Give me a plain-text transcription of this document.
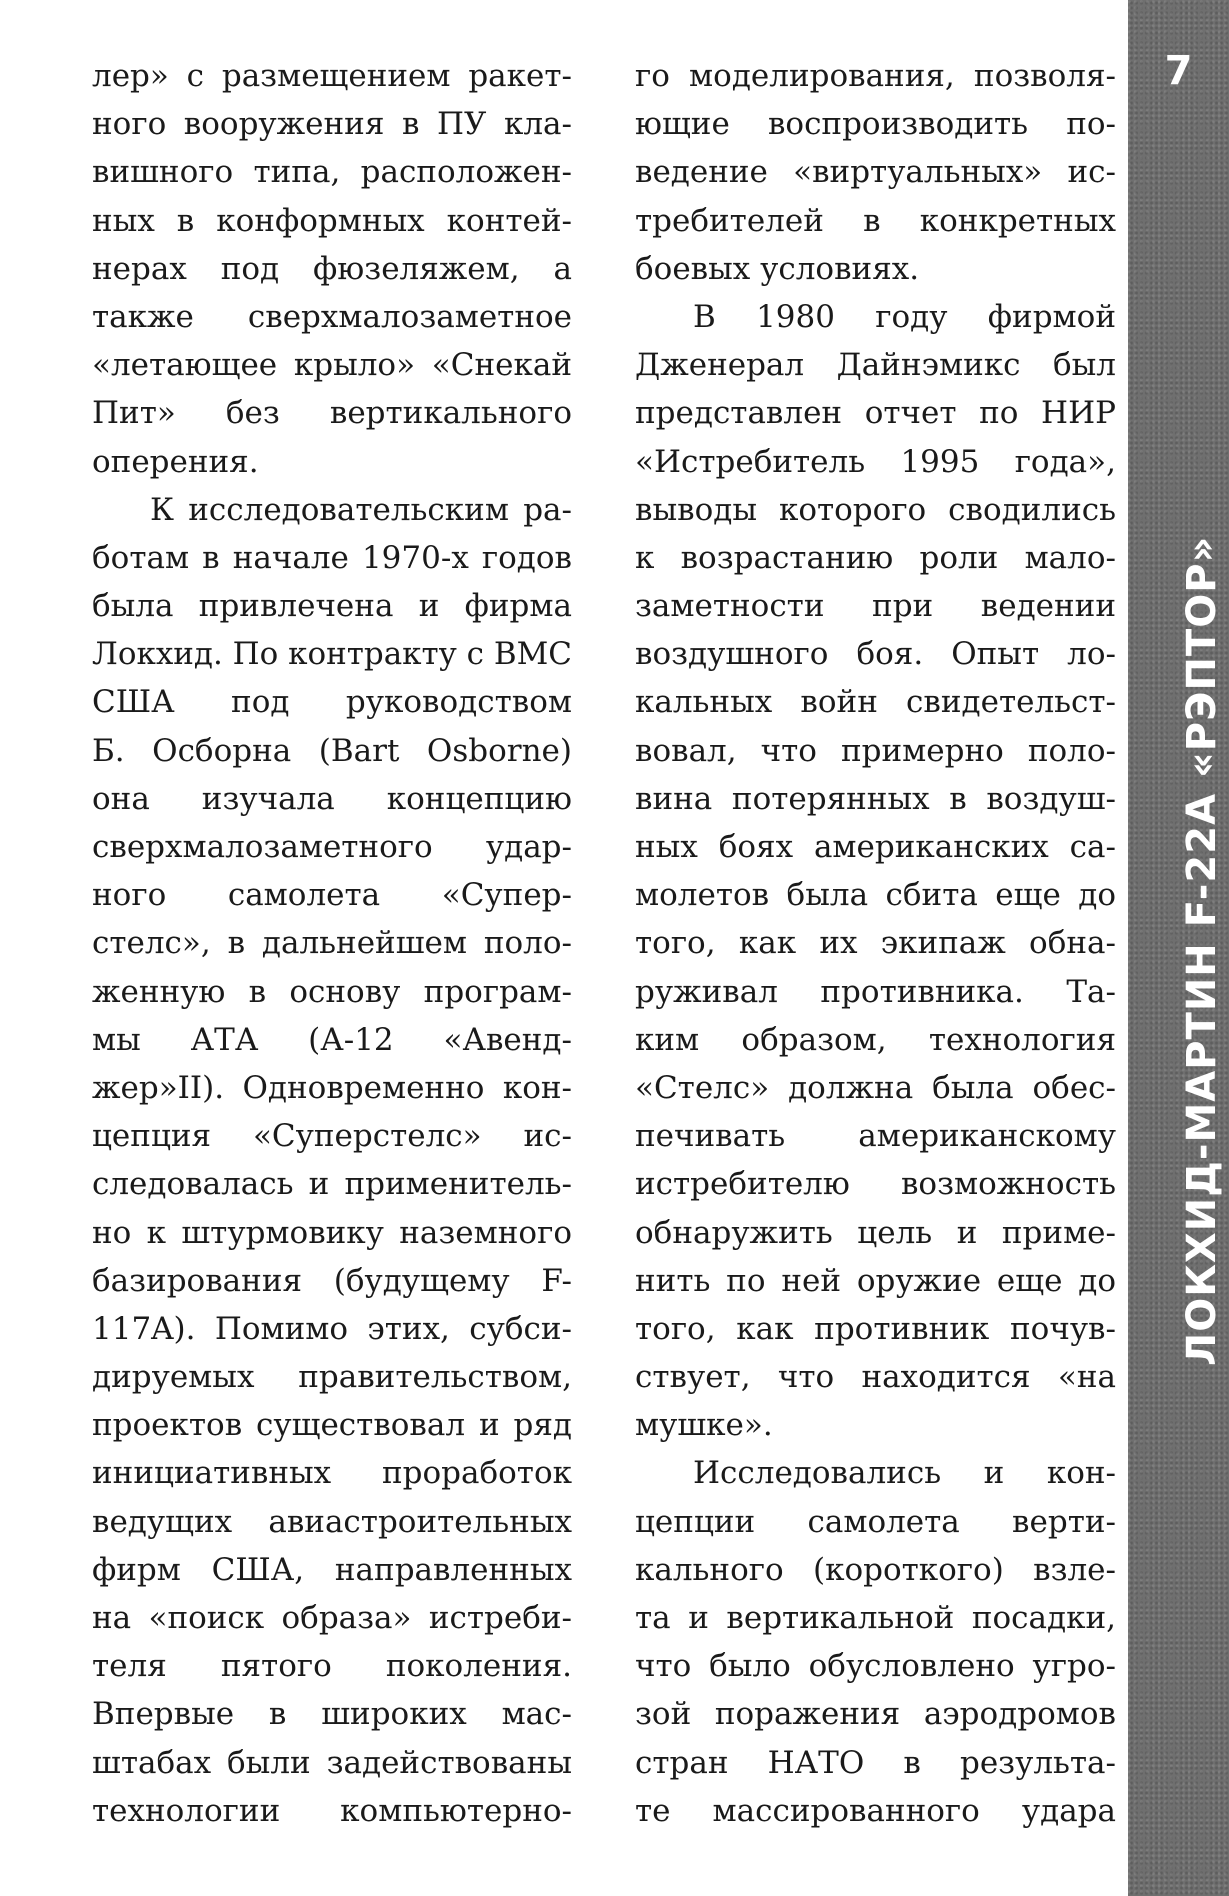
лер» с размещением ракет-
ного вооружения в ПУ кла-
вишного типа, расположен-
ных в конформных контей-
нерах под фюзеляжем, а
также сверхмалозаметное
«летающее крыло» «Снекай
Пит» без вертикального
оперения.
К исследовательским ра-
ботам в начале 1970-х годов
была привлечена и фирма
Локхид. По контракту с ВМС
США под руководством
Б. Осборна (Bart Osborne)
она изучала концепцию
сверхмалозаметного удар-
ного самолета «Супер-
стелс», в дальнейшем поло-
женную в основу програм-
мы АТА (А-12 «Авенд-
жер»II). Одновременно кон-
цепция «Суперстелс» ис-
следовалась и применитель-
но к штурмовику наземного
базирования (будущему F-
117A). Помимо этих, субси-
дируемых правительством,
проектов существовал и ряд
инициативных проработок
ведущих авиастроительных
фирм США, направленных
на «поиск образа» истреби-
теля пятого поколения.
Впервые в широких мас-
штабах были задействованы
технологии компьютерно-
го моделирования, позволя-
ющие воспроизводить по-
ведение «виртуальных» ис-
требителей в конкретных
боевых условиях.
В 1980 году фирмой
Дженерал Дайнэмикс был
представлен отчет по НИР
«Истребитель 1995 года»,
выводы которого сводились
к возрастанию роли мало-
заметности при ведении
воздушного боя. Опыт ло-
кальных войн свидетельст-
вовал, что примерно поло-
вина потерянных в воздуш-
ных боях американских са-
молетов была сбита еще до
того, как их экипаж обна-
руживал противника. Та-
ким образом, технология
«Стелс» должна была обес-
печивать американскому
истребителю возможность
обнаружить цель и приме-
нить по ней оружие еще до
того, как противник почув-
ствует, что находится «на
мушке».
Исследовались и кон-
цепции самолета верти-
кального (короткого) взле-
та и вертикальной посадки,
что было обусловлено угро-
зой поражения аэродромов
стран НАТО в результа-
те массированного удара
7
ЛОКХИД-МАРТИН F-22A «РЭПТОР»
